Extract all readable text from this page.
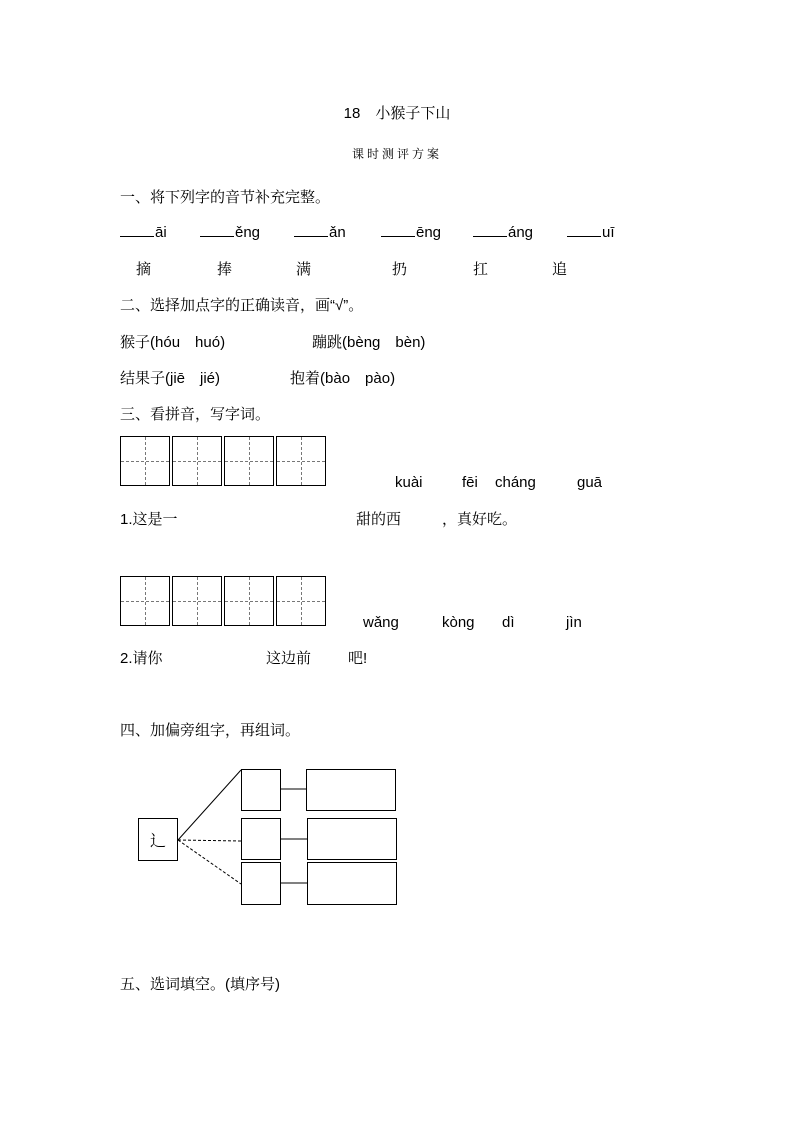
18　小猴子下山
课时测评方案
一、将下列字的音节补充完整。
āi	ěng	ǎn	ēng	áng	uī
摘	捧	满	扔	扛	追
二、选择加点字的正确读音，画“√”。
猴子(hóu　huó)	蹦跳(bèng　bèn)
结果子(jiē　jié)	抱着(bào　pào)
三、看拼音，写字词。
kuài	fēi cháng	guā
1.这是一	甜的西	，真好吃。
wǎng	kòng dì	jìn
2.请你	这边前 吧!
四、加偏旁组字，再组词。
辶
五、选词填空。(填序号)
